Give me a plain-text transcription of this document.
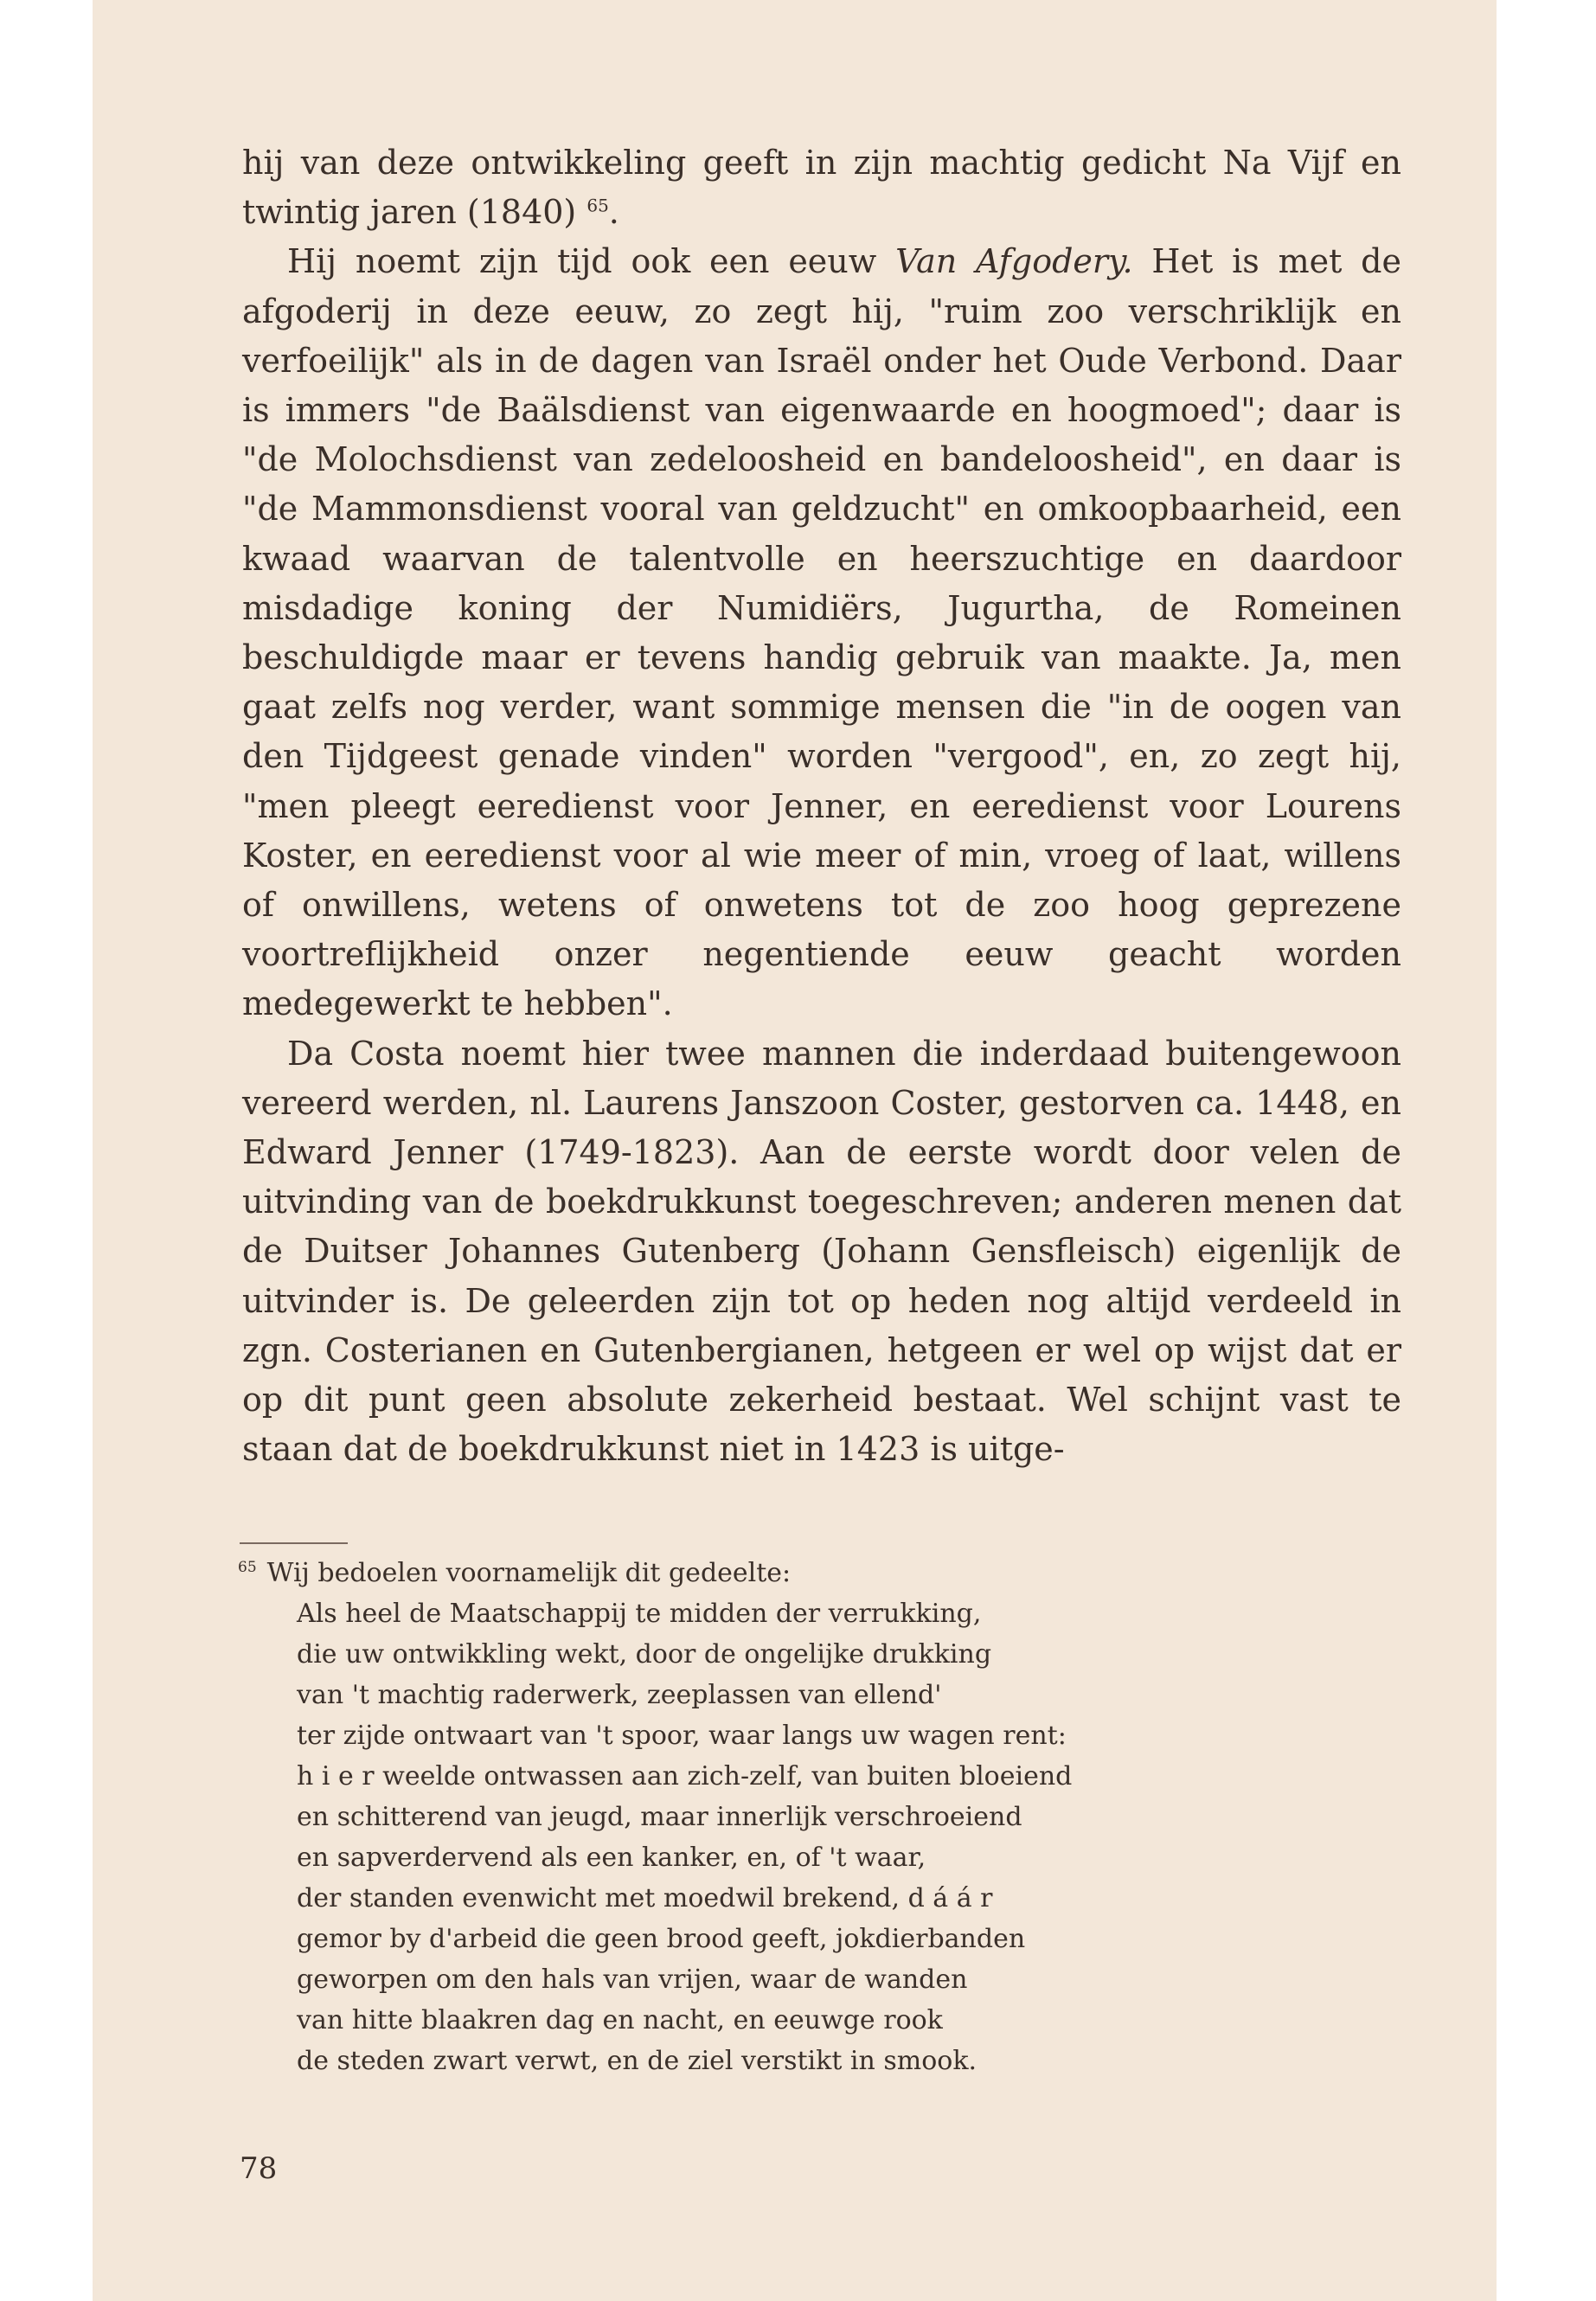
hij van deze ontwikkeling geeft in zijn machtig gedicht Na Vijf en twintig jaren (1840) $^{65}$.

Hij noemt zijn tijd ook een eeuw Van Afgodery. Het is met de afgoderij in deze eeuw, zo zegt hij, "ruim zoo verschriklijk en verfoeilijk" als in de dagen van Israël onder het Oude Verbond. Daar is immers "de Baälsdienst van eigenwaarde en hoogmoed"; daar is "de Molochsdienst van zedeloosheid en bandeloosheid", en daar is "de Mammonsdienst vooral van geldzucht" en omkoopbaarheid, een kwaad waarvan de talentvolle en heerszuchtige en daardoor misdadige koning der Numidiërs, Jugurtha, de Romeinen beschuldigde maar er tevens handig gebruik van maakte. Ja, men gaat zelfs nog verder, want sommige mensen die "in de oogen van den Tijdgeest genade vinden" worden "vergood", en, zo zegt hij, "men pleegt eeredienst voor Jenner, en eeredienst voor Lourens Koster, en eeredienst voor al wie meer of min, vroeg of laat, willens of onwillens, wetens of onwetens tot de zoo hoog geprezene voortreflijkheid onzer negentiende eeuw geacht worden medegewerkt te hebben".

Da Costa noemt hier twee mannen die inderdaad buitengewoon vereerd werden, nl. Laurens Janszoon Coster, gestorven ca. 1448, en Edward Jenner (1749-1823). Aan de eerste wordt door velen de uitvinding van de boekdrukkunst toegeschreven; anderen menen dat de Duitser Johannes Gutenberg (Johann Gensfleisch) eigenlijk de uitvinder is. De geleerden zijn tot op heden nog altijd verdeeld in zgn. Costerianen en Gutenbergianen, hetgeen er wel op wijst dat er op dit punt geen absolute zekerheid bestaat. Wel schijnt vast te staan dat de boekdrukkunst niet in 1423 is uitge-

$^{65}$ Wij bedoelen voornamelijk dit gedeelte:
Als heel de Maatschappij te midden der verrukking,
die uw ontwikkling wekt, door de ongelijke drukking
van 't machtig raderwerk, zeeplassen van ellend'
ter zijde ontwaart van 't spoor, waar langs uw wagen rent:
h i e r weelde ontwassen aan zich-zelf, van buiten bloeiend
en schitterend van jeugd, maar innerlijk verschroeiend
en sapverdervend als een kanker, en, of 't waar,
der standen evenwicht met moedwil brekend, d á á r
gemor by d'arbeid die geen brood geeft, jokdierbanden
geworpen om den hals van vrijen, waar de wanden
van hitte blaakren dag en nacht, en eeuwge rook
de steden zwart verwt, en de ziel verstikt in smook.
78
